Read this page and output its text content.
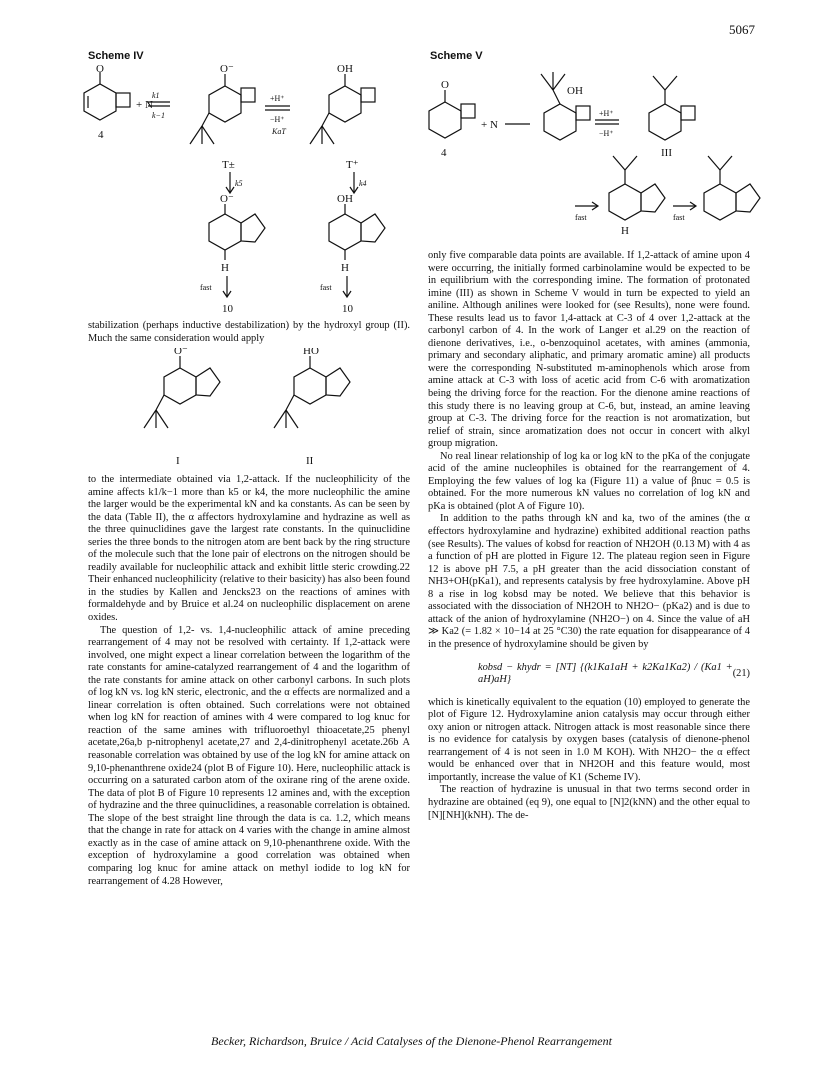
5067
Scheme IV
O
+ N
4
k1
k−1
O⁻
+H⁺
−H⁺
KaT
OH
T±	T⁺
k5	k4
O⁻	OH
H	H
fast	fast
10	10
Scheme V
O
+ N
4
OH
+H⁺
−H⁺
III
fast	fast
H

stabilization (perhaps inductive destabilization) by the hydroxyl group (II). Much the same consideration would apply

O⁻	HO
I	II

to the intermediate obtained via 1,2-attack. If the nucleophilicity of the amine affects k1/k−1 more than k5 or k4, the more nucleophilic the amine the larger would be the experimental kN and ka constants. As can be seen by the data (Table II), the α affectors hydroxylamine and hydrazine as well as the three quinuclidines gave the largest rate constants. In the quinuclidine series the three bonds to the nitrogen atom are bent back by the ring structure of the molecule such that the lone pair of electrons on the nitrogen should be readily available for nucleophilic attack and exhibit little steric crowding.22 Their enhanced nucleophilicity (relative to their basicity) has also been found in the studies by Kallen and Jencks23 on the reactions of amines with formaldehyde and by Bruice et al.24 on nucleophilic displacement on arene oxides.

The question of 1,2- vs. 1,4-nucleophilic attack of amine preceding rearrangement of 4 may not be resolved with certainty. If 1,2-attack were involved, one might expect a linear correlation between the logarithm of the rate constants for amine-catalyzed rearrangement of 4 and the logarithm of the rate constants for amine attack on other carbonyl carbons. In such plots of log kN vs. log kN steric, electronic, and the α effects are normalized and a linear correlation is often obtained. Such correlations were not obtained when log kN for reaction of amines with 4 were compared to log knuc for reaction of the same amines with trifluoroethyl thioacetate,25 phenyl acetate,26a,b p-nitrophenyl acetate,27 and 2,4-dinitrophenyl acetate.26b A reasonable correlation was obtained by use of the log kN for amine attack on 9,10-phenanthrene oxide24 (plot B of Figure 10). Here, nucleophilic attack is occurring on a saturated carbon atom of the oxirane ring of the arene oxide. The data of plot B of Figure 10 represents 12 amines and, with the exception of hydrazine and the three quinuclidines, a reasonable correlation is obtained. The slope of the best straight line through the data is ca. 1.2, which means that the change in rate for attack on 4 varies with the change in amine almost exactly as in the case of amine attack on 9,10-phenanthrene oxide. With the exception of hydroxylamine a good correlation was obtained when comparing log knuc for amine attack on methyl iodide to log kN for rearrangement of 4.28 However,

only five comparable data points are available. If 1,2-attack of amine upon 4 were occurring, the initially formed carbinolamine would be expected to be in equilibrium with the corresponding imine. The formation of protonated imine (III) as shown in Scheme V would in turn be expected to yield an aniline. Although anilines were looked for (see Results), none were found. These results lead us to favor 1,4-attack at C-3 of 4 over 1,2-attack at the carbonyl carbon of 4. In the work of Langer et al.29 on the reaction of dienone derivatives, i.e., o-benzoquinol acetates, with amines (ammonia, primary and secondary aliphatic, and primary aromatic amine) all products were the corresponding N-substituted m-aminophenols which arose from amine attack at C-3 with loss of acetic acid from C-6 with aromatization being the driving force for the reaction. For the dienone amine reactions of this study there is no leaving group at C-6, but, instead, an amine leaving group at C-3. The driving force for the reaction is not aromatization, but relief of strain, since aromatization does not occur in concert with alkyl group migration.

No real linear relationship of log ka or log kN to the pKa of the conjugate acid of the amine nucleophiles is obtained for the rearrangement of 4. Employing the few values of log ka (Figure 11) a value of βnuc = 0.5 is obtained. For the more numerous kN values no correlation of log kN and pKa is obtained (plot A of Figure 10).

In addition to the paths through kN and ka, two of the amines (the α effectors hydroxylamine and hydrazine) exhibited additional reaction paths (see Results). The values of kobsd for reaction of NH2OH (0.13 M) with 4 as a function of pH are plotted in Figure 12. The plateau region seen in Figure 12 is above pH 7.5, a pH greater than the acid dissociation constant of NH3+OH(pKa1), and represents catalysis by free hydroxylamine. Above pH 8 a rise in log kobsd may be noted. We believe that this behavior is associated with the dissociation of NH2OH to NH2O− (pKa2) and is due to attack of the anion of hydroxylamine (NH2O−) on 4. Since the value of aH ≫ Ka2 (= 1.82 × 10−14 at 25 °C30) the rate equation for disappearance of 4 in the presence of hydroxylamine should be given by

kobsd − khydr = [NT] {(k1Ka1aH + k2Ka1Ka2) / (Ka1 + aH)aH}
(21)

which is kinetically equivalent to the equation (10) employed to generate the plot of Figure 12. Hydroxylamine anion catalysis may occur through either oxy anion or nitrogen attack. Nitrogen attack is most reasonable since there is no evidence for catalysis by oxygen bases (catalysis of dienone-phenol rearrangement of 4 is not seen in 1.0 M KOH). With NH2O− the α effect would be enhanced over that in NH2OH and this feature would, most importantly, increase the value of K1 (Scheme IV).

The reaction of hydrazine is unusual in that two terms second order in hydrazine are obtained (eq 9), one equal to [N]2(kNN) and the other equal to [N][NH](kNH). The de-

Becker, Richardson, Bruice / Acid Catalyses of the Dienone-Phenol Rearrangement
